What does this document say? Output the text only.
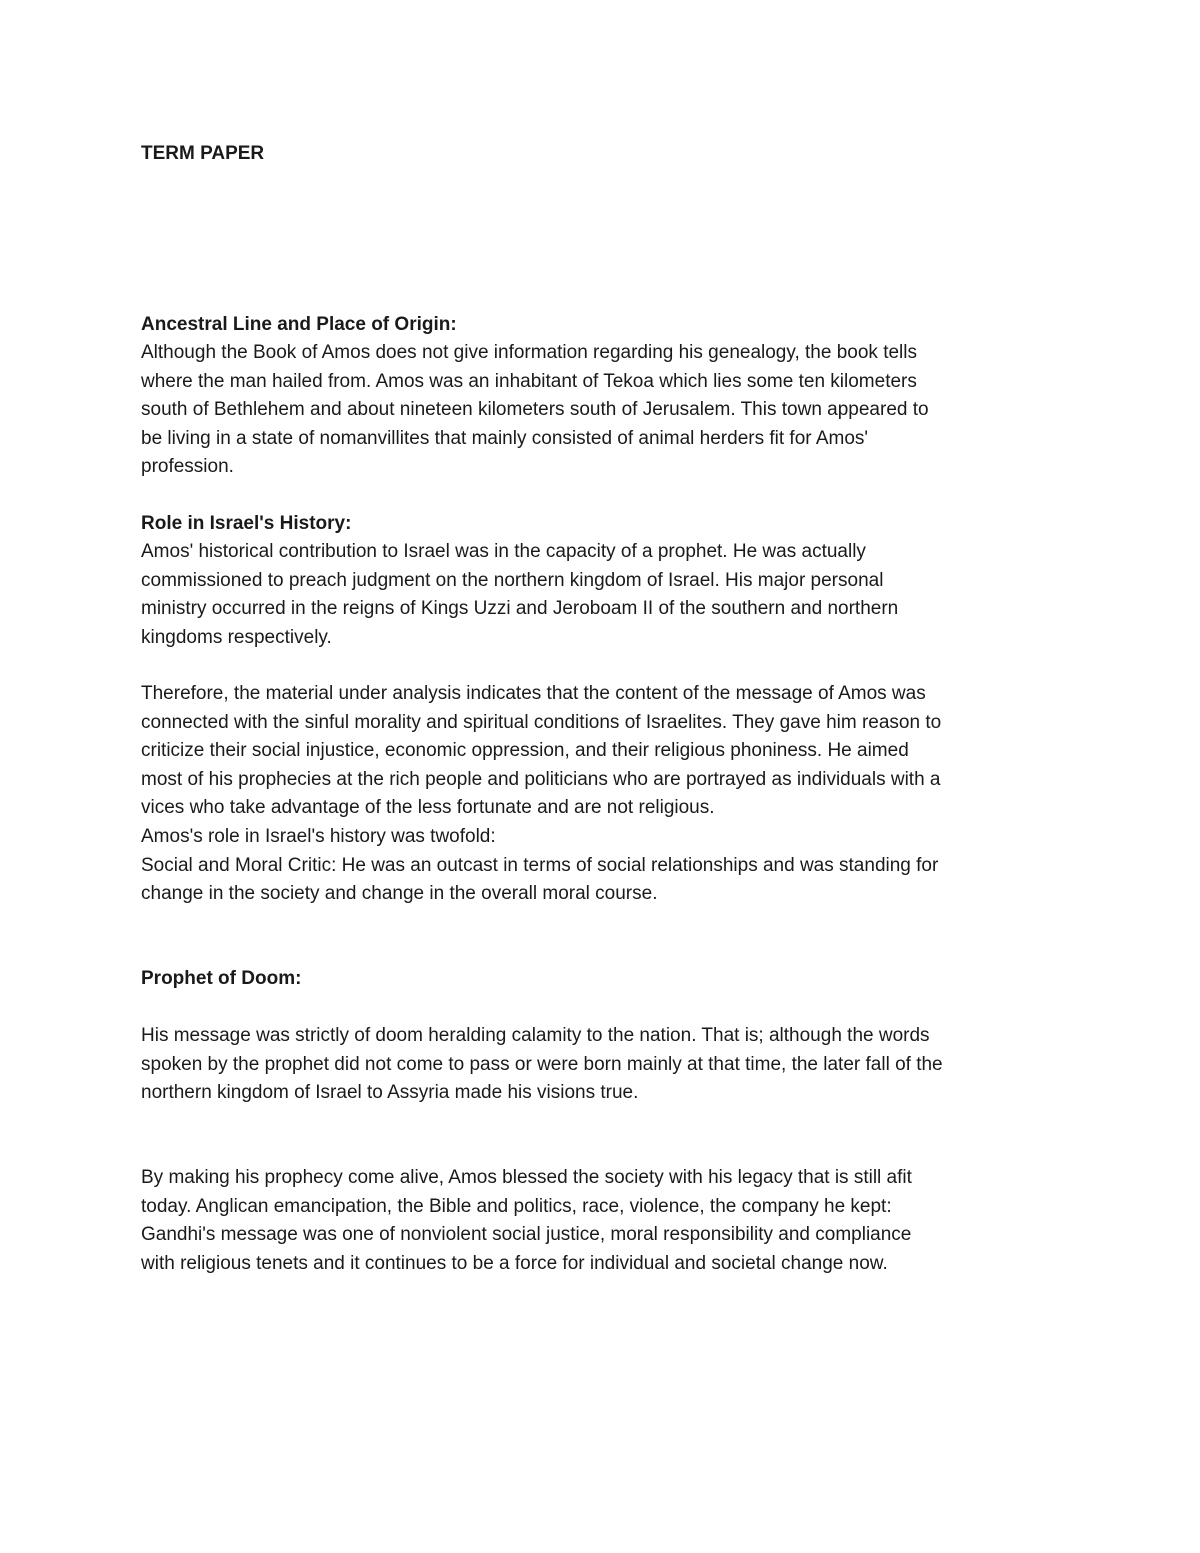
TERM PAPER
Ancestral Line and Place of Origin:

Although the Book of Amos does not give information regarding his genealogy, the book tells
where the man hailed from. Amos was an inhabitant of Tekoa which lies some ten kilometers
south of Bethlehem and about nineteen kilometers south of Jerusalem. This town appeared to
be living in a state of nomanvillites that mainly consisted of animal herders fit for Amos'
profession.

Role in Israel's History:

Amos' historical contribution to Israel was in the capacity of a prophet. He was actually
commissioned to preach judgment on the northern kingdom of Israel. His major personal
ministry occurred in the reigns of Kings Uzzi and Jeroboam II of the southern and northern
kingdoms respectively.

Therefore, the material under analysis indicates that the content of the message of Amos was
connected with the sinful morality and spiritual conditions of Israelites. They gave him reason to
criticize their social injustice, economic oppression, and their religious phoniness. He aimed
most of his prophecies at the rich people and politicians who are portrayed as individuals with a
vices who take advantage of the less fortunate and are not religious.
Amos's role in Israel's history was twofold:
Social and Moral Critic: He was an outcast in terms of social relationships and was standing for
change in the society and change in the overall moral course.

Prophet of Doom:

His message was strictly of doom heralding calamity to the nation. That is; although the words
spoken by the prophet did not come to pass or were born mainly at that time, the later fall of the
northern kingdom of Israel to Assyria made his visions true.

By making his prophecy come alive, Amos blessed the society with his legacy that is still afit
today. Anglican emancipation, the Bible and politics, race, violence, the company he kept:
Gandhi's message was one of nonviolent social justice, moral responsibility and compliance
with religious tenets and it continues to be a force for individual and societal change now.
